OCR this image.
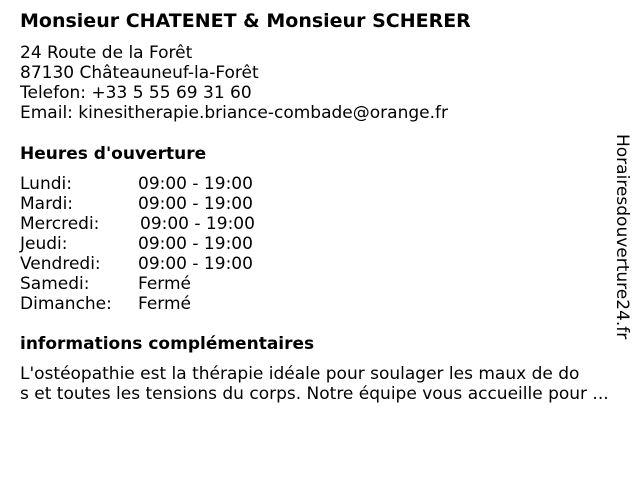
Monsieur CHATENET & Monsieur SCHERER
24 Route de la Forêt
87130 Châteauneuf-la-Forêt
Telefon: +33 5 55 69 31 60
Email: kinesitherapie.briance-combade@orange.fr
Heures d'ouverture
Lundi:	09:00 - 19:00
Mardi:	09:00 - 19:00
Mercredi: 09:00 - 19:00
Jeudi:	09:00 - 19:00
Vendredi: 09:00 - 19:00
Samedi:	Fermé
Dimanche: Fermé
informations complémentaires
L'ostéopathie est la thérapie idéale pour soulager les maux de do
s et toutes les tensions du corps. Notre équipe vous accueille pour ...
Horairesdouverture24.fr
